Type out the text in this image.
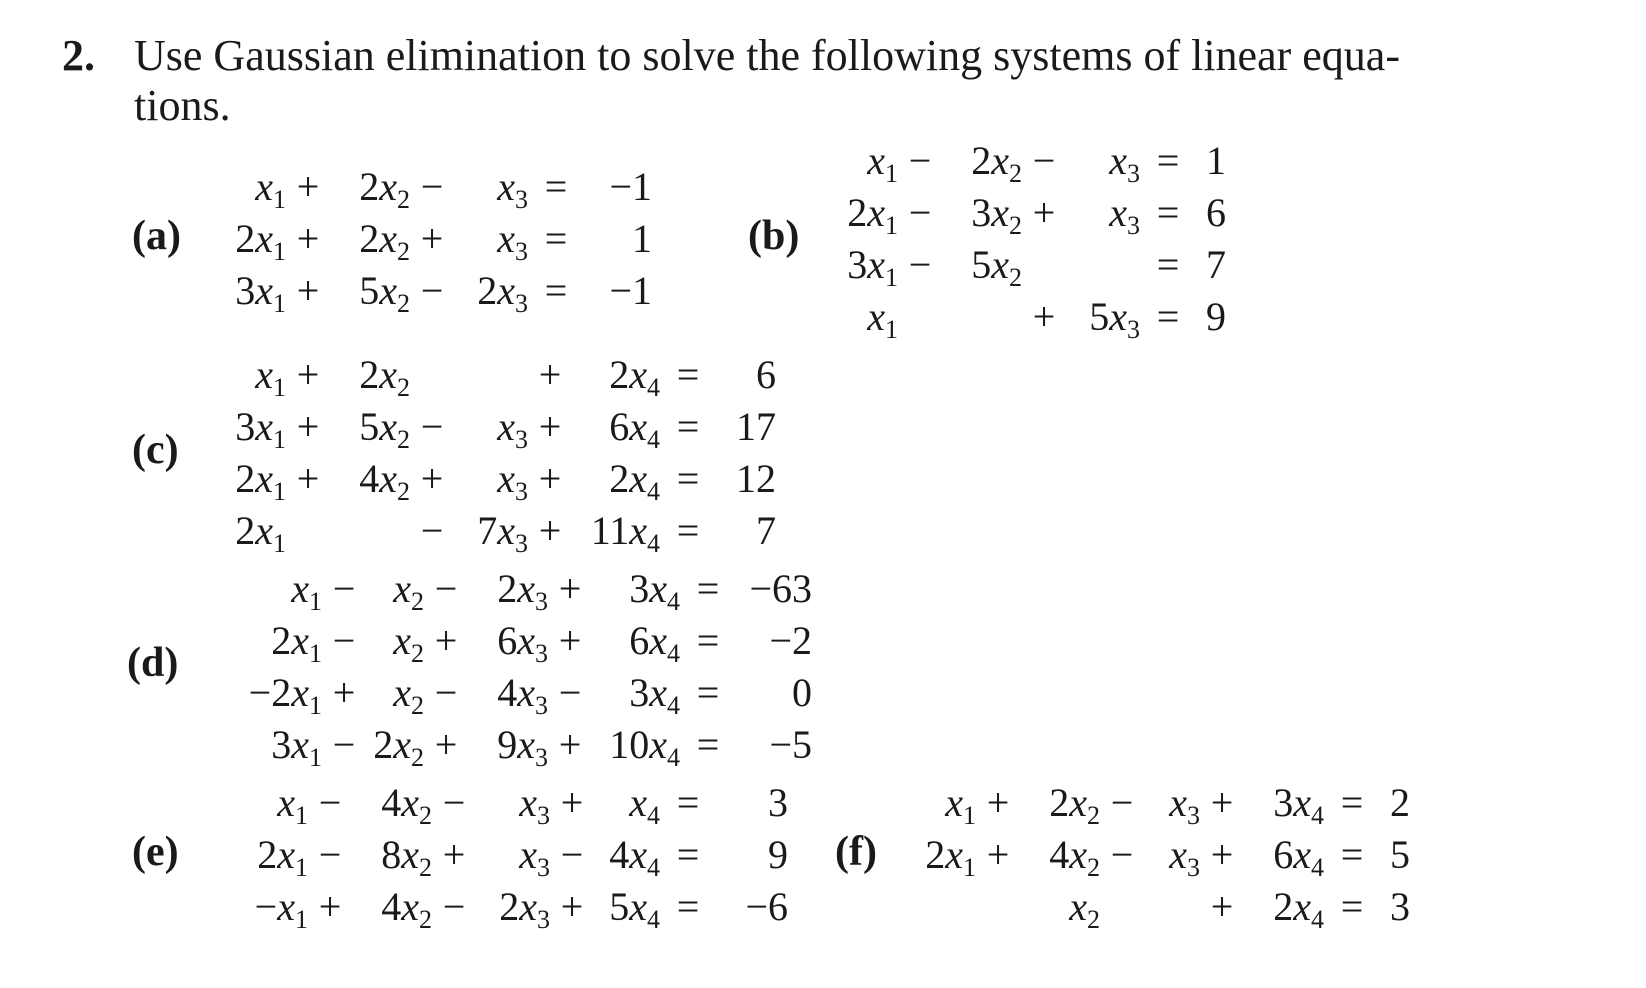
2. Use Gaussian elimination to solve the following systems of linear equa-
tions.
(a)	(b)
(c)
(d)
(e)	(f)
$x_1$	+	$2x_2$	−	$x_3$			=	−1
$2x_1$	+	$2x_2$	+	$x_3$			=	1
$3x_1$	+	$5x_2$	−	$2x_3$			=	−1
$x_1$	−	$2x_2$	−	$x_3$			=	1
$2x_1$	−	$3x_2$	+	$x_3$			=	6
$3x_1$	−	$5x_2$					=	7
$x_1$			+	$5x_3$			=	9
$x_1$	+	$2x_2$			+	$2x_4$	=	6
$3x_1$	+	$5x_2$	−	$x_3$	+	$6x_4$	=	17
$2x_1$	+	$4x_2$	+	$x_3$	+	$2x_4$	=	12
$2x_1$			−	$7x_3$	+	$11x_4$	=	7
$x_1$	−	$x_2$	−	$2x_3$	+	$3x_4$	=	−63
$2x_1$	−	$x_2$	+	$6x_3$	+	$6x_4$	=	−2
$-2x_1$	+	$x_2$	−	$4x_3$	−	$3x_4$	=	0
$3x_1$	−	$2x_2$	+	$9x_3$	+	$10x_4$	=	−5
$x_1$	−	$4x_2$	−	$x_3$	+	$x_4$	=	3
$2x_1$	−	$8x_2$	+	$x_3$	−	$4x_4$	=	9
$-x_1$	+	$4x_2$	−	$2x_3$	+	$5x_4$	=	−6
$x_1$	+	$2x_2$	−	$x_3$	+	$3x_4$	=	2
$2x_1$	+	$4x_2$	−	$x_3$	+	$6x_4$	=	5
		$x_2$			+	$2x_4$	=	3
